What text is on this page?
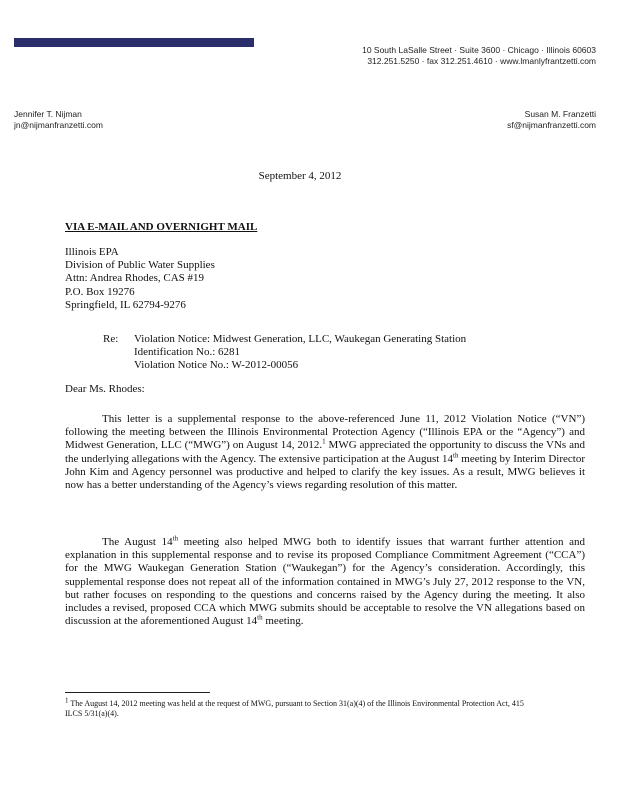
10 South LaSalle Street · Suite 3600 · Chicago · Illinois 60603
312.251.5250 · fax 312.251.4610 · www.lmanlyfrantzetti.com
Jennifer T. Nijman
jn@nijmanfranzetti.com
Susan M. Franzetti
sf@nijmanfranzetti.com
September 4, 2012
VIA E-MAIL AND OVERNIGHT MAIL
Illinois EPA
Division of Public Water Supplies
Attn: Andrea Rhodes, CAS #19
P.O. Box 19276
Springfield, IL 62794-9276
Re: Violation Notice: Midwest Generation, LLC, Waukegan Generating Station
Identification No.: 6281
Violation Notice No.: W-2012-00056
Dear Ms. Rhodes:

This letter is a supplemental response to the above-referenced June 11, 2012 Violation Notice (“VN”) following the meeting between the Illinois Environmental Protection Agency (“Illinois EPA or the “Agency”) and Midwest Generation, LLC (“MWG”) on August 14, 2012.$^1$ MWG appreciated the opportunity to discuss the VNs and the underlying allegations with the Agency. The extensive participation at the August 14th meeting by Interim Director John Kim and Agency personnel was productive and helped to clarify the key issues. As a result, MWG believes it now has a better understanding of the Agency’s views regarding resolution of this matter.

The August 14th meeting also helped MWG both to identify issues that warrant further attention and explanation in this supplemental response and to revise its proposed Compliance Commitment Agreement (“CCA”) for the MWG Waukegan Generation Station (“Waukegan”) for the Agency’s consideration. Accordingly, this supplemental response does not repeat all of the information contained in MWG’s July 27, 2012 response to the VN, but rather focuses on responding to the questions and concerns raised by the Agency during the meeting. It also includes a revised, proposed CCA which MWG submits should be acceptable to resolve the VN allegations based on discussion at the aforementioned August 14th meeting.

$^1$ The August 14, 2012 meeting was held at the request of MWG, pursuant to Section 31(a)(4) of the Illinois Environmental Protection Act, 415 ILCS 5/31(a)(4).
